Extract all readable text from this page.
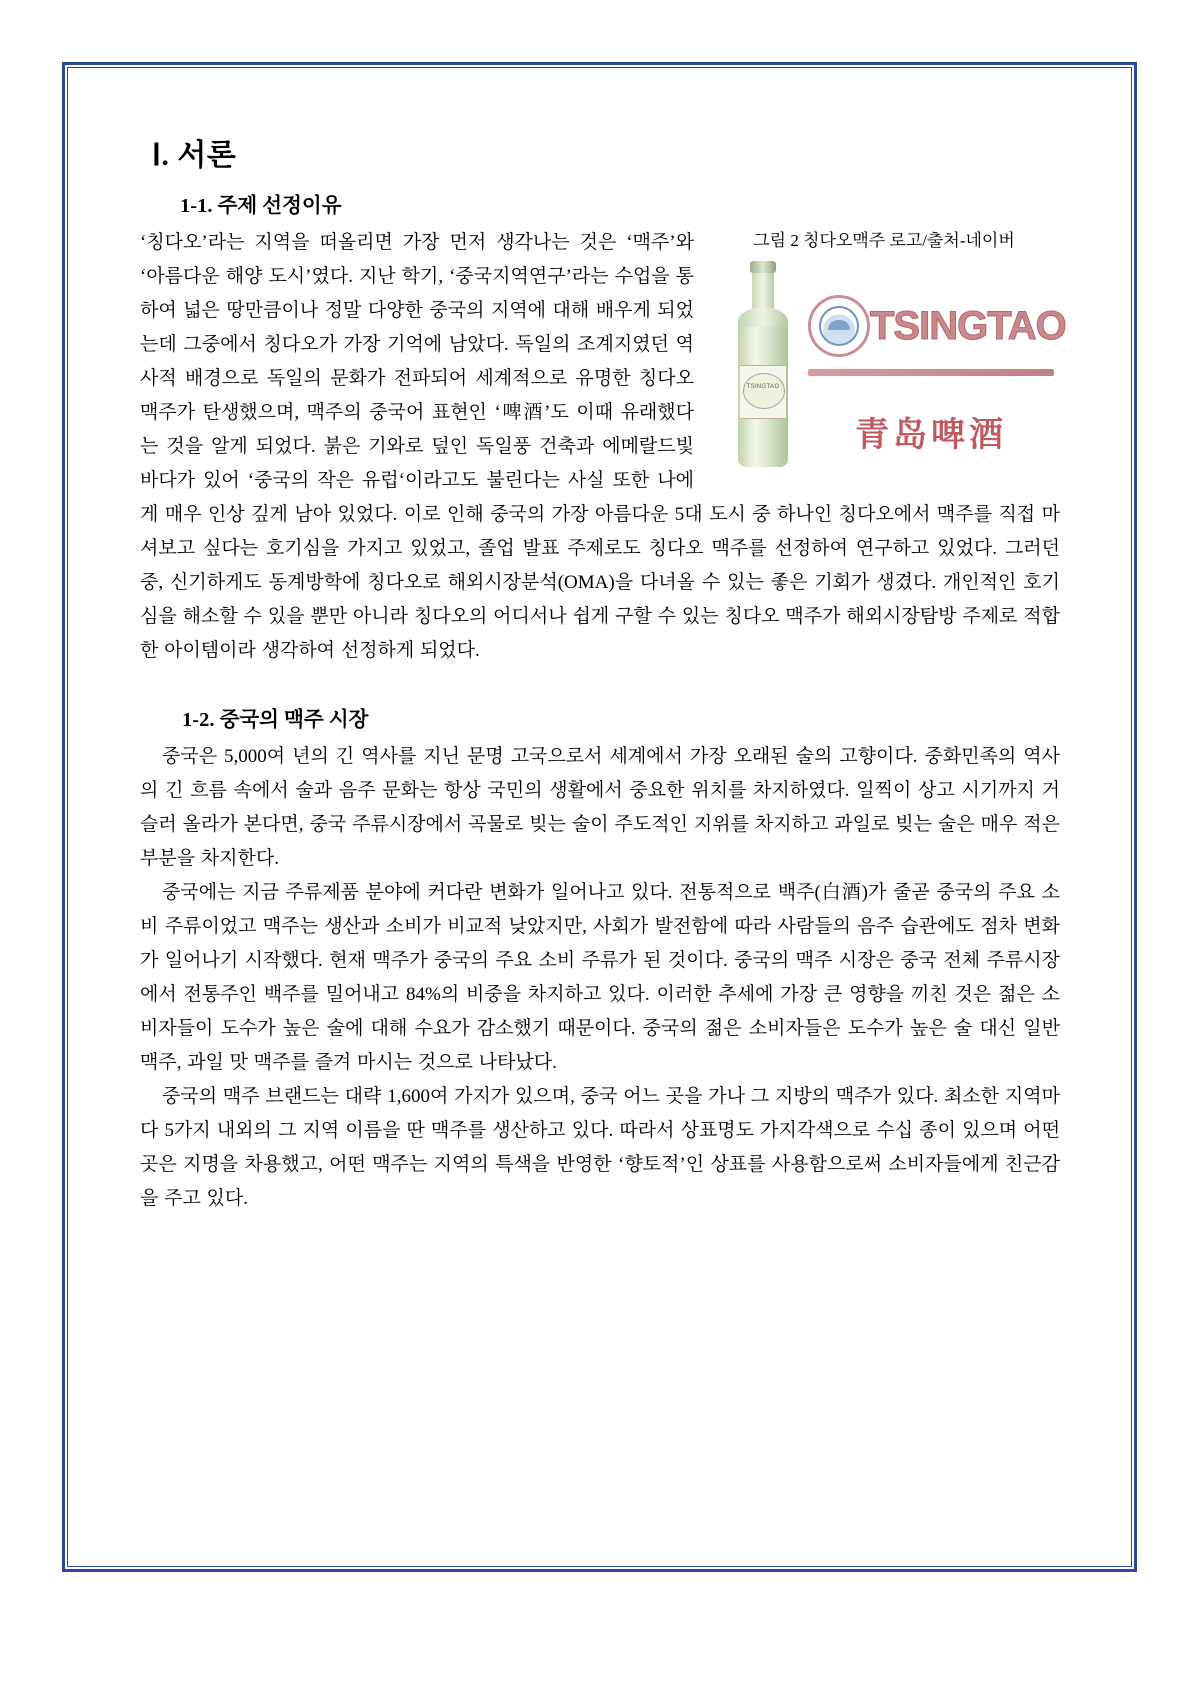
Ⅰ. 서론
1-1. 주제 선정이유
그림 2 칭다오맥주 로고/출처-네이버
TSINGTAO
TSINGTAO
青岛啤酒

‘칭다오’라는 지역을 떠올리면 가장 먼저 생각나는 것은 ‘맥주’와 ‘아름다운 해양 도시’였다. 지난 학기, ‘중국지역연구’라는 수업을 통하여 넓은 땅만큼이나 정말 다양한 중국의 지역에 대해 배우게 되었는데 그중에서 칭다오가 가장 기억에 남았다. 독일의 조계지였던 역사적 배경으로 독일의 문화가 전파되어 세계적으로 유명한 칭다오 맥주가 탄생했으며, 맥주의 중국어 표현인 ‘啤酒’도 이때 유래했다는 것을 알게 되었다. 붉은 기와로 덮인 독일풍 건축과 에메랄드빛 바다가 있어 ‘중국의 작은 유럽‘이라고도 불린다는 사실 또한 나에게 매우 인상 깊게 남아 있었다. 이로 인해 중국의 가장 아름다운 5대 도시 중 하나인 칭다오에서 맥주를 직접 마셔보고 싶다는 호기심을 가지고 있었고, 졸업 발표 주제로도 칭다오 맥주를 선정하여 연구하고 있었다. 그러던 중, 신기하게도 동계방학에 칭다오로 해외시장분석(OMA)을 다녀올 수 있는 좋은 기회가 생겼다. 개인적인 호기심을 해소할 수 있을 뿐만 아니라 칭다오의 어디서나 쉽게 구할 수 있는 칭다오 맥주가 해외시장탐방 주제로 적합한 아이템이라 생각하여 선정하게 되었다.

1-2. 중국의 맥주 시장

중국은 5,000여 년의 긴 역사를 지닌 문명 고국으로서 세계에서 가장 오래된 술의 고향이다. 중화민족의 역사의 긴 흐름 속에서 술과 음주 문화는 항상 국민의 생활에서 중요한 위치를 차지하였다. 일찍이 상고 시기까지 거슬러 올라가 본다면, 중국 주류시장에서 곡물로 빚는 술이 주도적인 지위를 차지하고 과일로 빚는 술은 매우 적은 부분을 차지한다.

중국에는 지금 주류제품 분야에 커다란 변화가 일어나고 있다. 전통적으로 백주(白酒)가 줄곧 중국의 주요 소비 주류이었고 맥주는 생산과 소비가 비교적 낮았지만, 사회가 발전함에 따라 사람들의 음주 습관에도 점차 변화가 일어나기 시작했다. 현재 맥주가 중국의 주요 소비 주류가 된 것이다. 중국의 맥주 시장은 중국 전체 주류시장에서 전통주인 백주를 밀어내고 84%의 비중을 차지하고 있다. 이러한 추세에 가장 큰 영향을 끼친 것은 젊은 소비자들이 도수가 높은 술에 대해 수요가 감소했기 때문이다. 중국의 젊은 소비자들은 도수가 높은 술 대신 일반 맥주, 과일 맛 맥주를 즐겨 마시는 것으로 나타났다.

중국의 맥주 브랜드는 대략 1,600여 가지가 있으며, 중국 어느 곳을 가나 그 지방의 맥주가 있다. 최소한 지역마다 5가지 내외의 그 지역 이름을 딴 맥주를 생산하고 있다. 따라서 상표명도 가지각색으로 수십 종이 있으며 어떤 곳은 지명을 차용했고, 어떤 맥주는 지역의 특색을 반영한 ‘향토적’인 상표를 사용함으로써 소비자들에게 친근감을 주고 있다.
